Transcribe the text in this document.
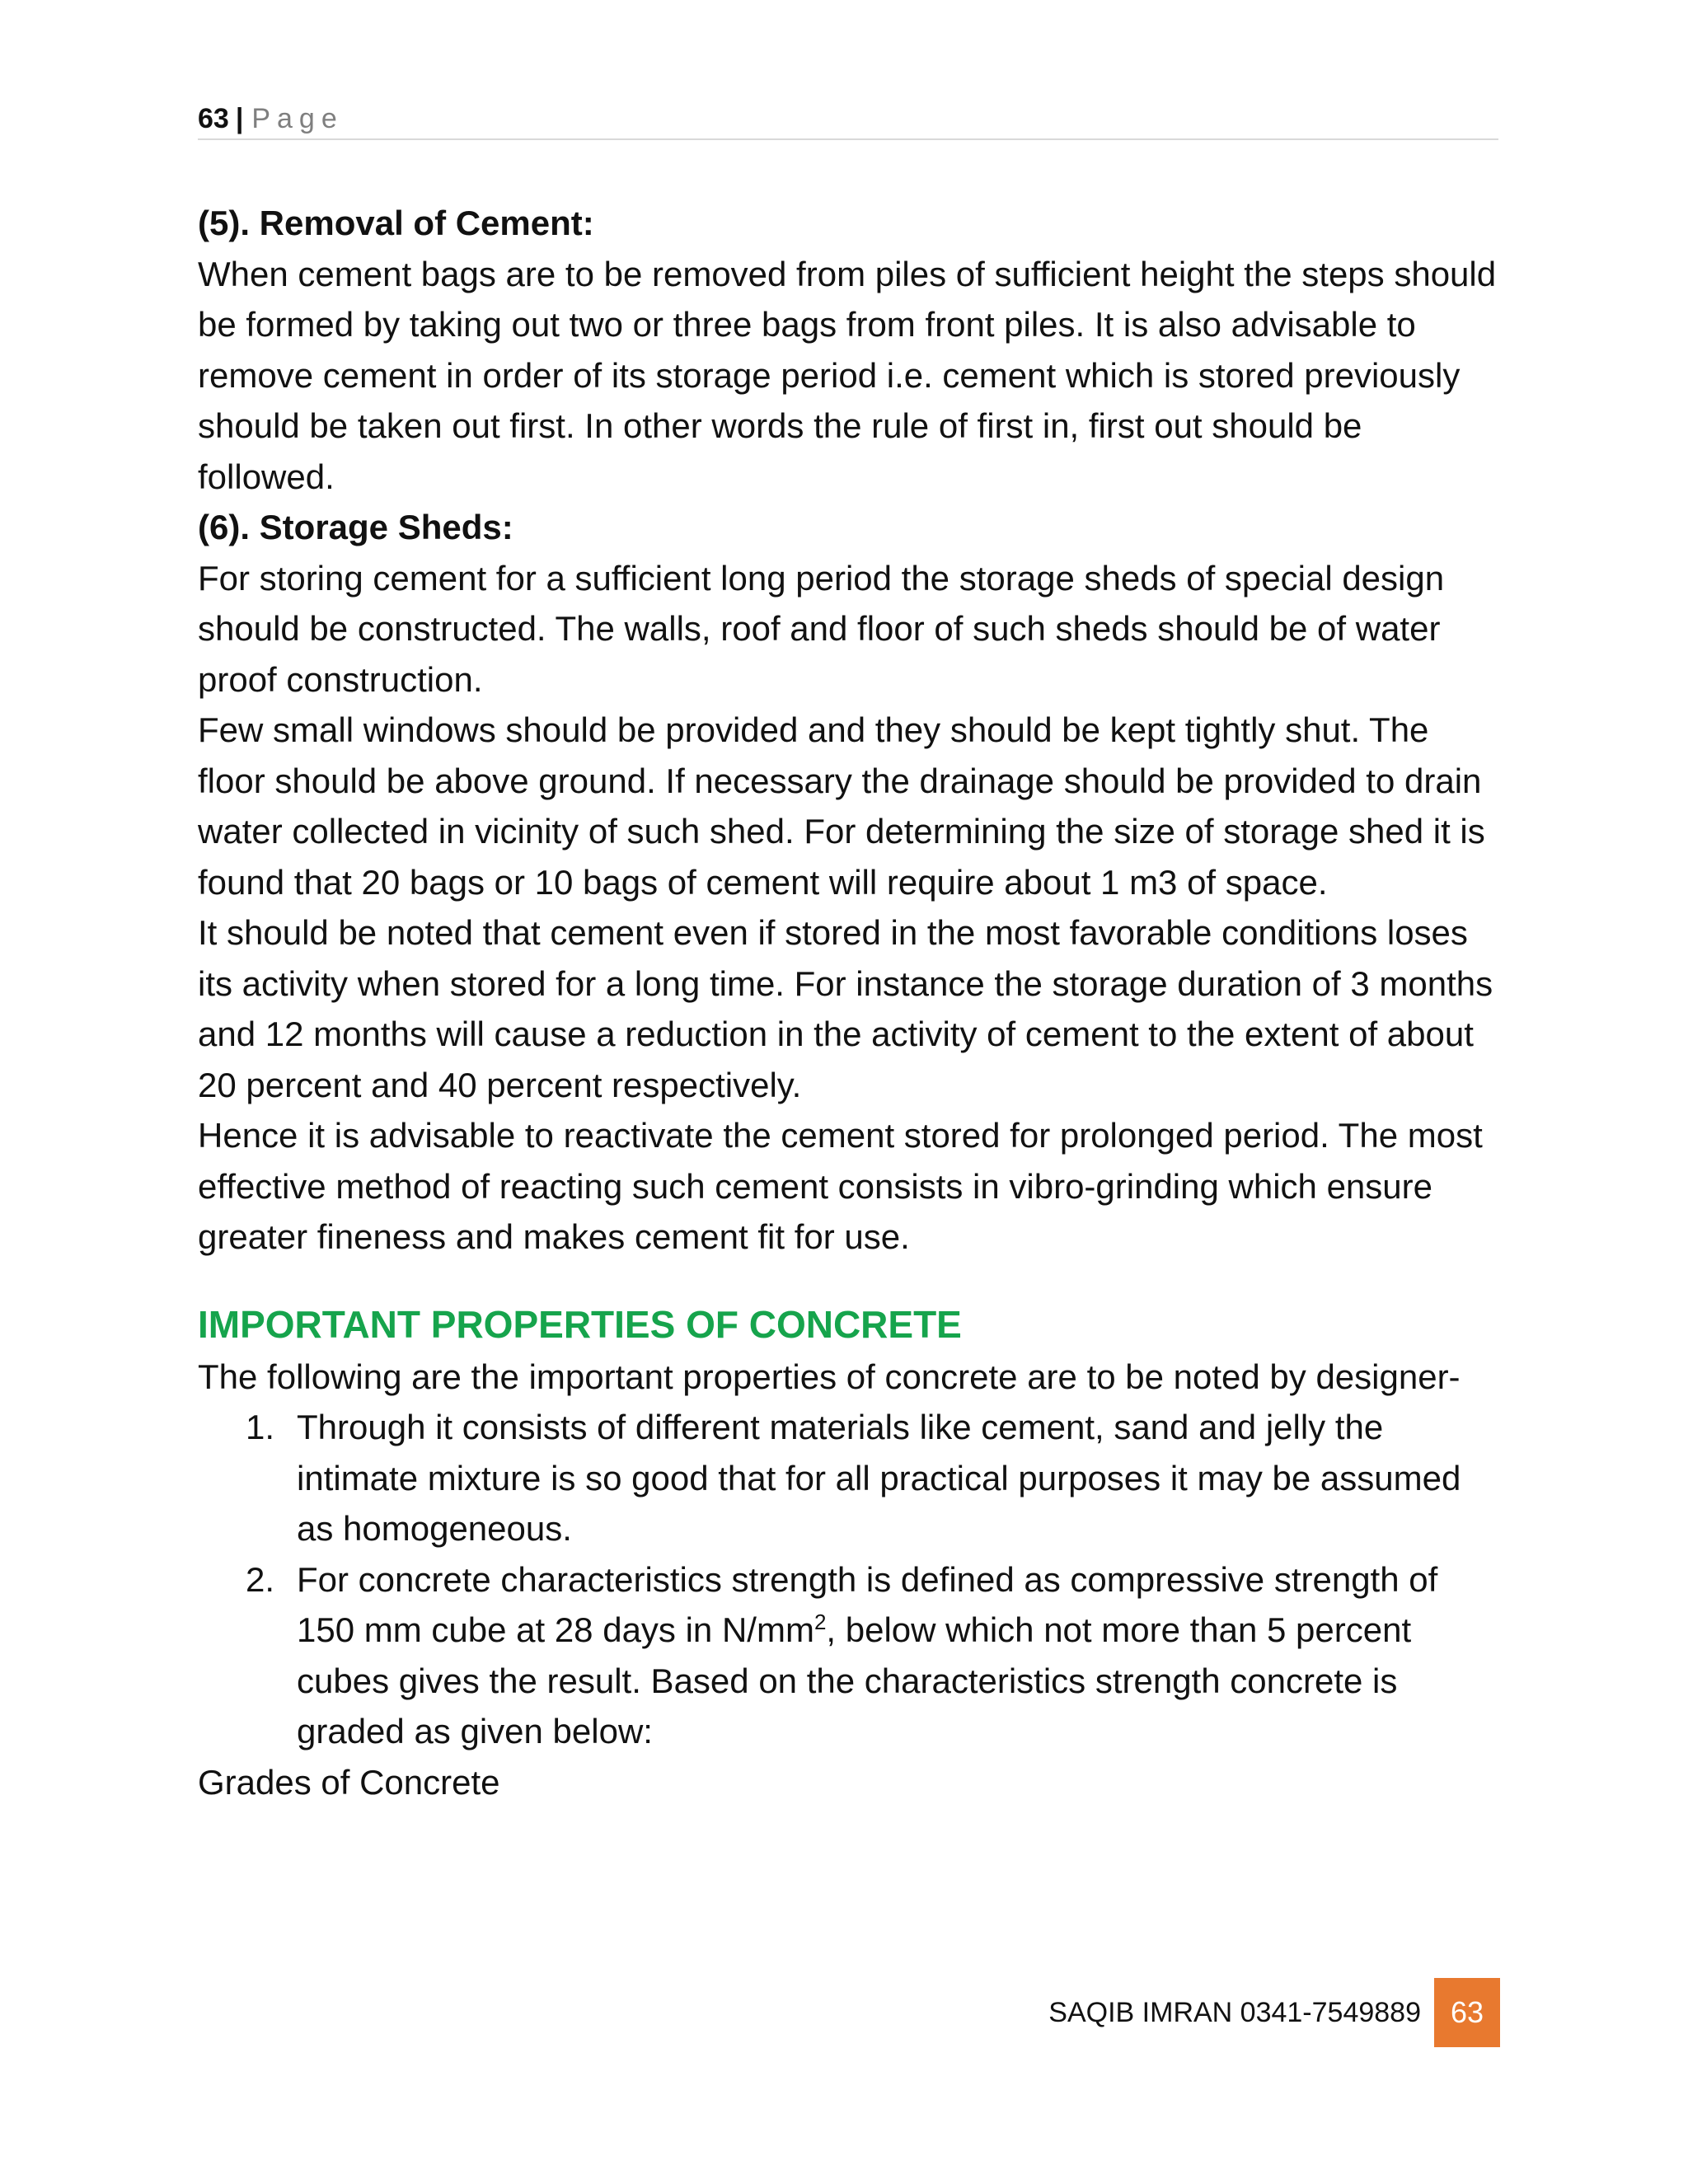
63 | Page

(5). Removal of Cement:

When cement bags are to be removed from piles of sufficient height the steps should be formed by taking out two or three bags from front piles. It is also advisable to remove cement in order of its storage period i.e. cement which is stored previously should be taken out first. In other words the rule of first in, first out should be followed.

(6). Storage Sheds:

For storing cement for a sufficient long period the storage sheds of special design should be constructed. The walls, roof and floor of such sheds should be of water proof construction.

Few small windows should be provided and they should be kept tightly shut. The floor should be above ground. If necessary the drainage should be provided to drain water collected in vicinity of such shed. For determining the size of storage shed it is found that 20 bags or 10 bags of cement will require about 1 m3 of space.

It should be noted that cement even if stored in the most favorable conditions loses its activity when stored for a long time. For instance the storage duration of 3 months and 12 months will cause a reduction in the activity of cement to the extent of about 20 percent and 40 percent respectively.

Hence it is advisable to reactivate the cement stored for prolonged period. The most effective method of reacting such cement consists in vibro-grinding which ensure greater fineness and makes cement fit for use.

IMPORTANT PROPERTIES OF CONCRETE

The following are the important properties of concrete are to be noted by designer-

1. Through it consists of different materials like cement, sand and jelly the intimate mixture is so good that for all practical purposes it may be assumed as homogeneous.
2. For concrete characteristics strength is defined as compressive strength of 150 mm cube at 28 days in $N/mm^2$, below which not more than 5 percent cubes gives the result. Based on the characteristics strength concrete is graded as given below:

Grades of Concrete

SAQIB IMRAN 0341-7549889 63
